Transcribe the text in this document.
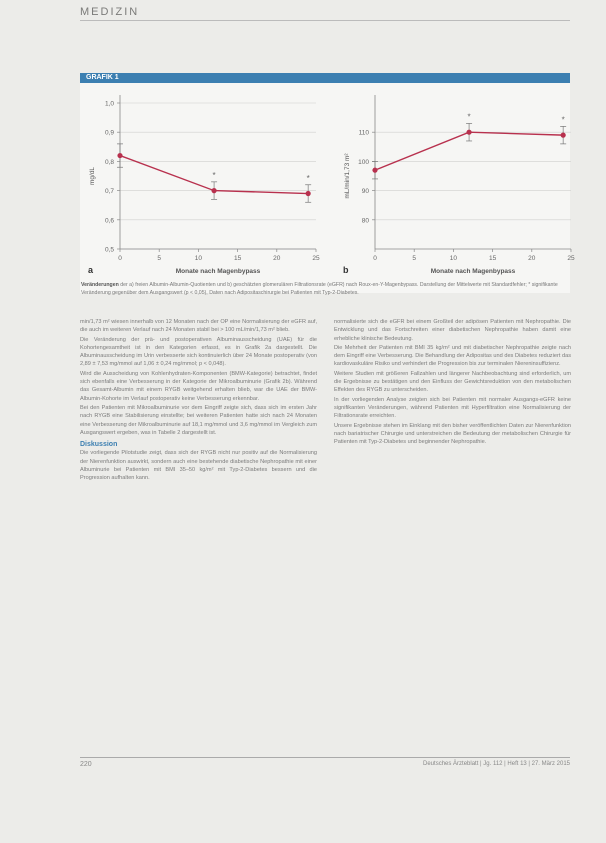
MEDIZIN
GRAFIK 1
0,5
0,6
0,7
0,8
0,9
1,0
0	5	10	15	20	25
*	*
Monate nach Magenbypass
mg/dL
a
80
90
100
110
0	5	10	15	20	25
*	*
Monate nach Magenbypass
mL/min/1,73 m²
b
Veränderungen der a) freien Albumin-Albumin-Quotienten und b) geschätzten glomerulären Filtrationsrate (eGFR) nach Roux-en-Y-Magenbypass. Darstellung der Mittelwerte mit Standardfehler; * signifikante Veränderung gegenüber dem Ausgangswert (p < 0,05), Daten nach Adipositaschirurgie bei Patienten mit Typ-2-Diabetes.

min/1,73 m² wiesen innerhalb von 12 Monaten nach der OP eine Normalisierung der eGFR auf, die auch im weiteren Verlauf nach 24 Monaten stabil bei > 100 mL/min/1,73 m² blieb.

Die Veränderung der prä- und postoperativen Albuminausscheidung (UAE) für die Kohortengesamtheit ist in den Kategorien erfasst, es in Grafik 2a dargestellt. Die Albuminausscheidung im Urin verbesserte sich kontinuierlich über 24 Monate postoperativ (von 2,89 ± 7,53 mg/mmol auf 1,06 ± 0,24 mg/mmol; p < 0,048).

Wird die Ausscheidung von Kohlenhydraten-Komponenten (BMW-Kategorie) betrachtet, findet sich ebenfalls eine Verbesserung in der Kategorie der Mikroalbuminurie (Grafik 2b). Während das Gesamt-Albumin mit einem RYGB weitgehend erhalten blieb, war die UAE der BMW-Albumin-Kohorte im Verlauf postoperativ keine Verbesserung erkennbar.

Bei den Patienten mit Mikroalbuminurie vor dem Eingriff zeigte sich, dass sich im ersten Jahr nach RYGB eine Stabilisierung einstellte; bei weiteren Patienten hatte sich nach 24 Monaten eine Verbesserung der Mikroalbuminurie auf 18,1 mg/mmol und 3,6 mg/mmol im Vergleich zum Ausgangswert ergeben, was in Tabelle 2 dargestellt ist.

Diskussion

Die vorliegende Pilotstudie zeigt, dass sich der RYGB nicht nur positiv auf die Normalisierung der Nierenfunktion auswirkt, sondern auch eine bestehende diabetische Nephropathie mit einer Albuminurie bei Patienten mit BMI 35–50 kg/m² mit Typ-2-Diabetes bessern und die Progression aufhalten kann.

normalisierte sich die eGFR bei einem Großteil der adipösen Patienten mit Nephropathie. Die Entwicklung und das Fortschreiten einer diabetischen Nephropathie haben damit eine erhebliche klinische Bedeutung.

Die Mehrheit der Patienten mit BMI 35 kg/m² und mit diabetischer Nephropathie zeigte nach dem Eingriff eine Verbesserung. Die Behandlung der Adipositas und des Diabetes reduziert das kardiovaskuläre Risiko und verhindert die Progression bis zur terminalen Niereninsuffizienz.

Weitere Studien mit größeren Fallzahlen und längerer Nachbeobachtung sind erforderlich, um die Ergebnisse zu bestätigen und den Einfluss der Gewichtsreduktion von den metabolischen Effekten des RYGB zu unterscheiden.

In der vorliegenden Analyse zeigten sich bei Patienten mit normaler Ausgangs-eGFR keine signifikanten Veränderungen, während Patienten mit Hyperfiltration eine Normalisierung der Filtrationsrate erreichten.

Unsere Ergebnisse stehen im Einklang mit den bisher veröffentlichten Daten zur Nierenfunktion nach bariatrischer Chirurgie und unterstreichen die Bedeutung der metabolischen Chirurgie für Patienten mit Typ-2-Diabetes und beginnender Nephropathie.

220	Deutsches Ärzteblatt | Jg. 112 | Heft 13 | 27. März 2015
